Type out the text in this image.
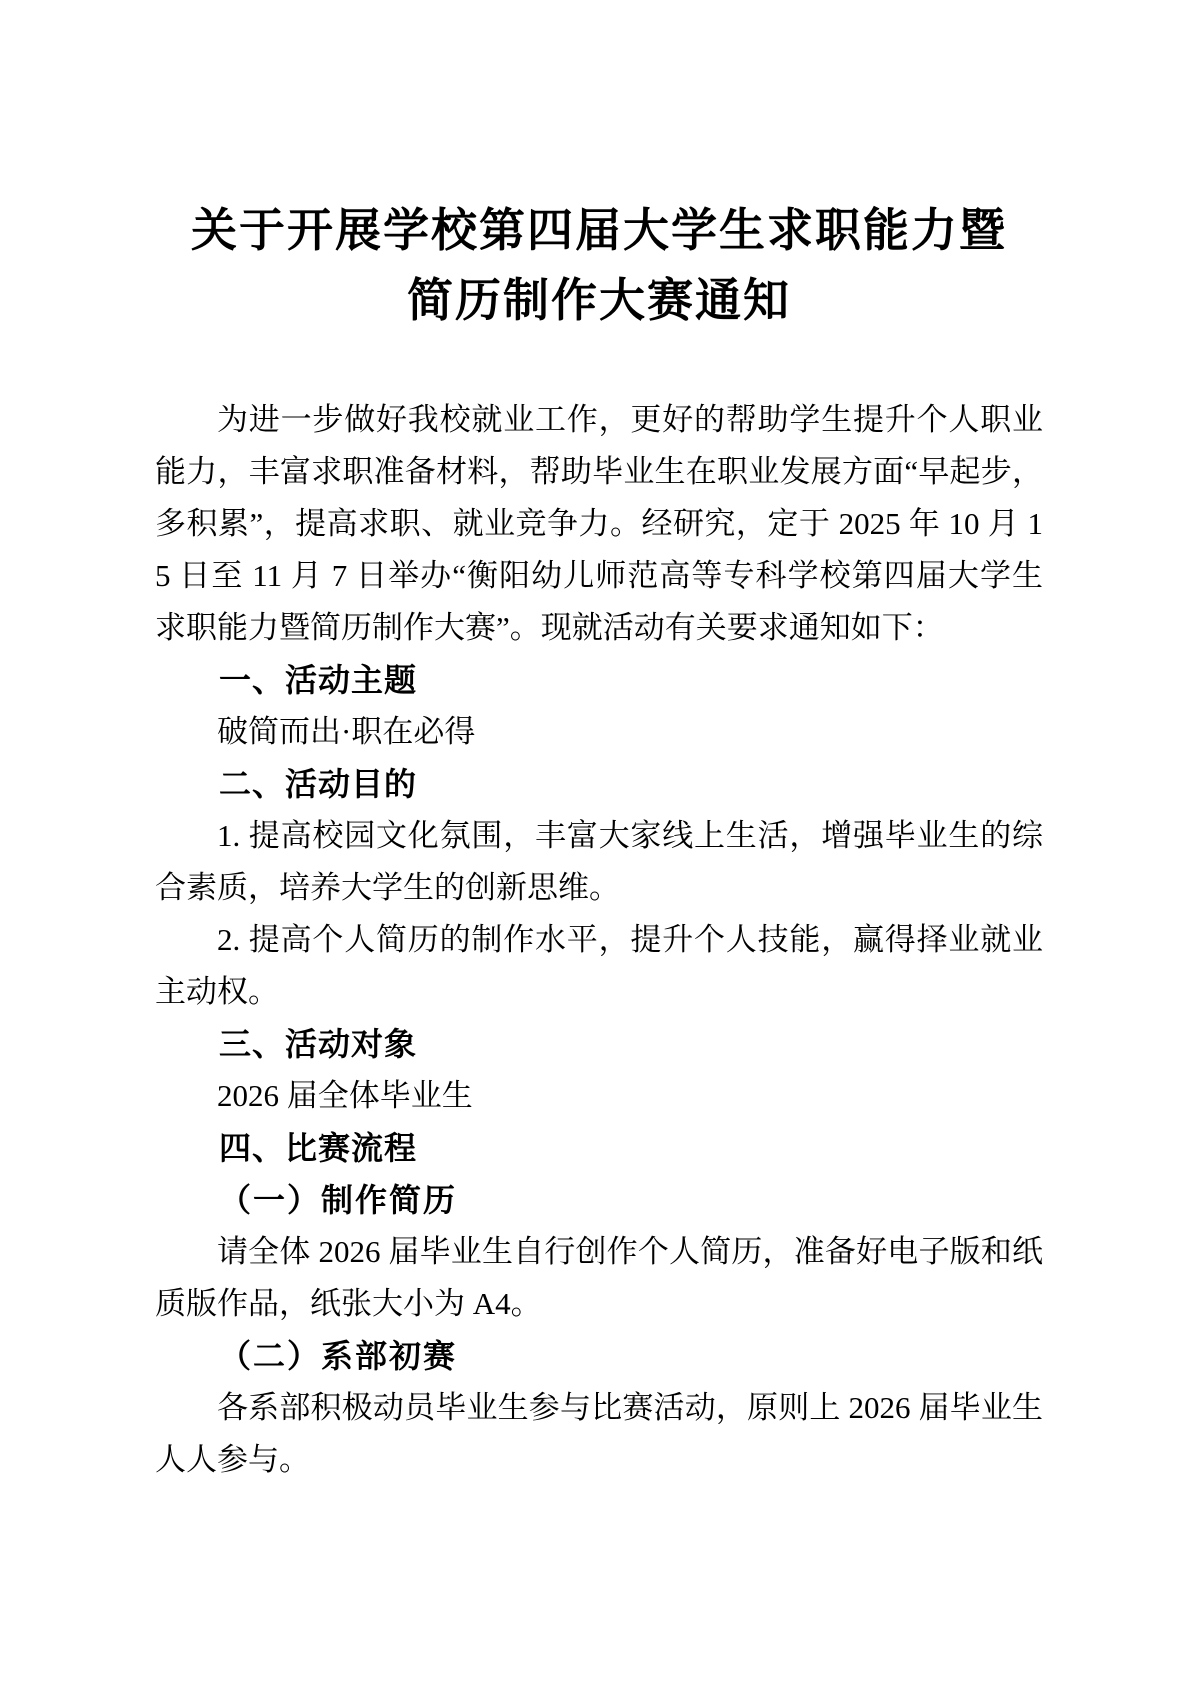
关于开展学校第四届大学生求职能力暨
简历制作大赛通知

为进一步做好我校就业工作，更好的帮助学生提升个人职业能力，丰富求职准备材料，帮助毕业生在职业发展方面“早起步，多积累”，提高求职、就业竞争力。经研究，定于 2025 年 10 月 15 日至 11 月 7 日举办“衡阳幼儿师范高等专科学校第四届大学生求职能力暨简历制作大赛”。现就活动有关要求通知如下：

一、活动主题

破简而出·职在必得

二、活动目的

1. 提高校园文化氛围，丰富大家线上生活，增强毕业生的综合素质，培养大学生的创新思维。

2. 提高个人简历的制作水平，提升个人技能，赢得择业就业主动权。

三、活动对象

2026 届全体毕业生

四、比赛流程

（一）制作简历

请全体 2026 届毕业生自行创作个人简历，准备好电子版和纸质版作品，纸张大小为 A4。

（二）系部初赛

各系部积极动员毕业生参与比赛活动，原则上 2026 届毕业生人人参与。
